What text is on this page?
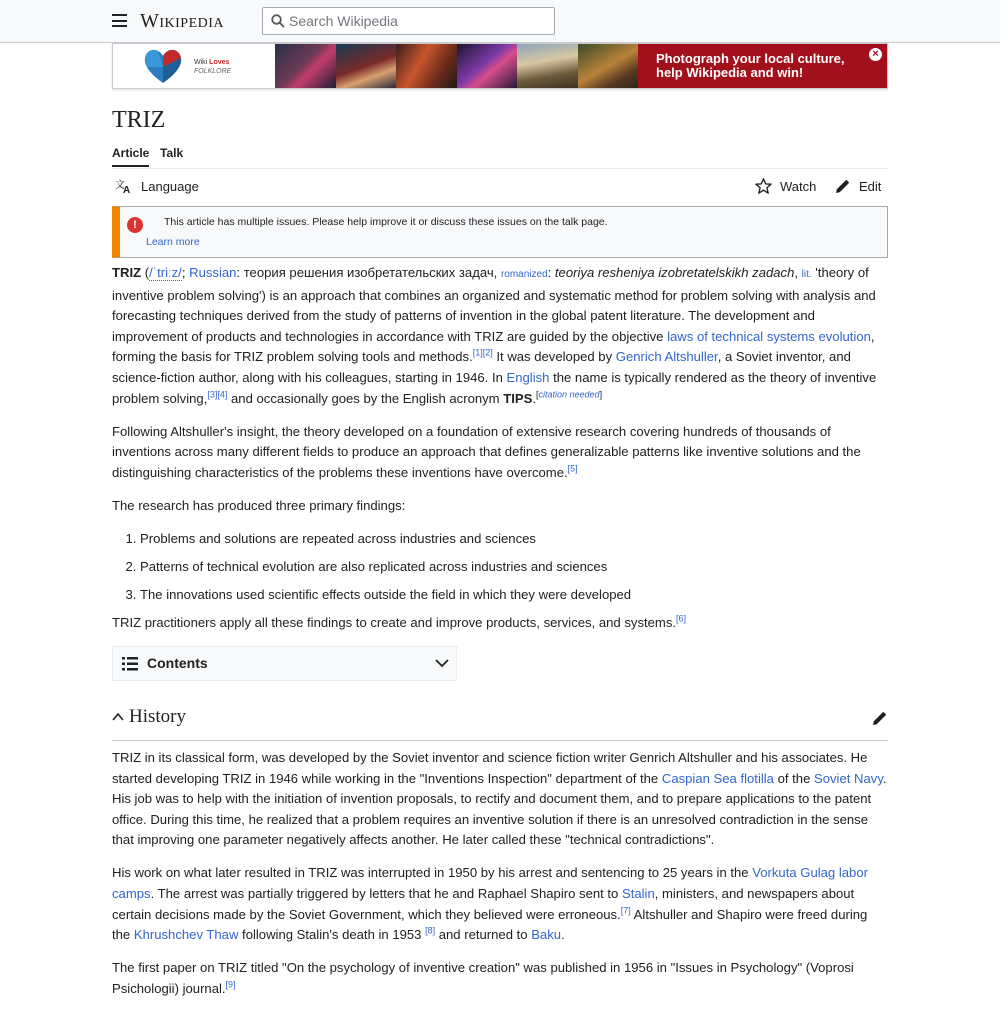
Wikipedia
Search Wikipedia
Wiki Loves
FOLKLORE
Photograph your local culture,
help Wikipedia and win!
×
TRIZ
Article Talk
文
A Language	Watch	Edit
!	This article has multiple issues. Please help improve it or discuss these issues on the talk page.
Learn more

TRIZ (/ˈtriːz/; Russian: теория решения изобретательских задач, romanized: teoriya resheniya izobretatelskikh zadach, lit. 'theory of inventive problem solving') is an approach that combines an organized and systematic method for problem solving with analysis and forecasting techniques derived from the study of patterns of invention in the global patent literature. The development and improvement of products and technologies in accordance with TRIZ are guided by the objective laws of technical systems evolution, forming the basis for TRIZ problem solving tools and methods.[1][2] It was developed by Genrich Altshuller, a Soviet inventor, and science-fiction author, along with his colleagues, starting in 1946. In English the name is typically rendered as the theory of inventive problem solving,[3][4] and occasionally goes by the English acronym TIPS.[citation needed]

Following Altshuller's insight, the theory developed on a foundation of extensive research covering hundreds of thousands of inventions across many different fields to produce an approach that defines generalizable patterns like inventive solutions and the distinguishing characteristics of the problems these inventions have overcome.[5]

The research has produced three primary findings:

1. Problems and solutions are repeated across industries and sciences
2. Patterns of technical evolution are also replicated across industries and sciences
3. The innovations used scientific effects outside the field in which they were developed

TRIZ practitioners apply all these findings to create and improve products, services, and systems.[6]

Contents
History

TRIZ in its classical form, was developed by the Soviet inventor and science fiction writer Genrich Altshuller and his associates. He started developing TRIZ in 1946 while working in the "Inventions Inspection" department of the Caspian Sea flotilla of the Soviet Navy. His job was to help with the initiation of invention proposals, to rectify and document them, and to prepare applications to the patent office. During this time, he realized that a problem requires an inventive solution if there is an unresolved contradiction in the sense that improving one parameter negatively affects another. He later called these "technical contradictions".

His work on what later resulted in TRIZ was interrupted in 1950 by his arrest and sentencing to 25 years in the Vorkuta Gulag labor camps. The arrest was partially triggered by letters that he and Raphael Shapiro sent to Stalin, ministers, and newspapers about certain decisions made by the Soviet Government, which they believed were erroneous.[7] Altshuller and Shapiro were freed during the Khrushchev Thaw following Stalin's death in 1953 [8] and returned to Baku.

The first paper on TRIZ titled "On the psychology of inventive creation" was published in 1956 in "Issues in Psychology" (Voprosi Psichologii) journal.[9]
